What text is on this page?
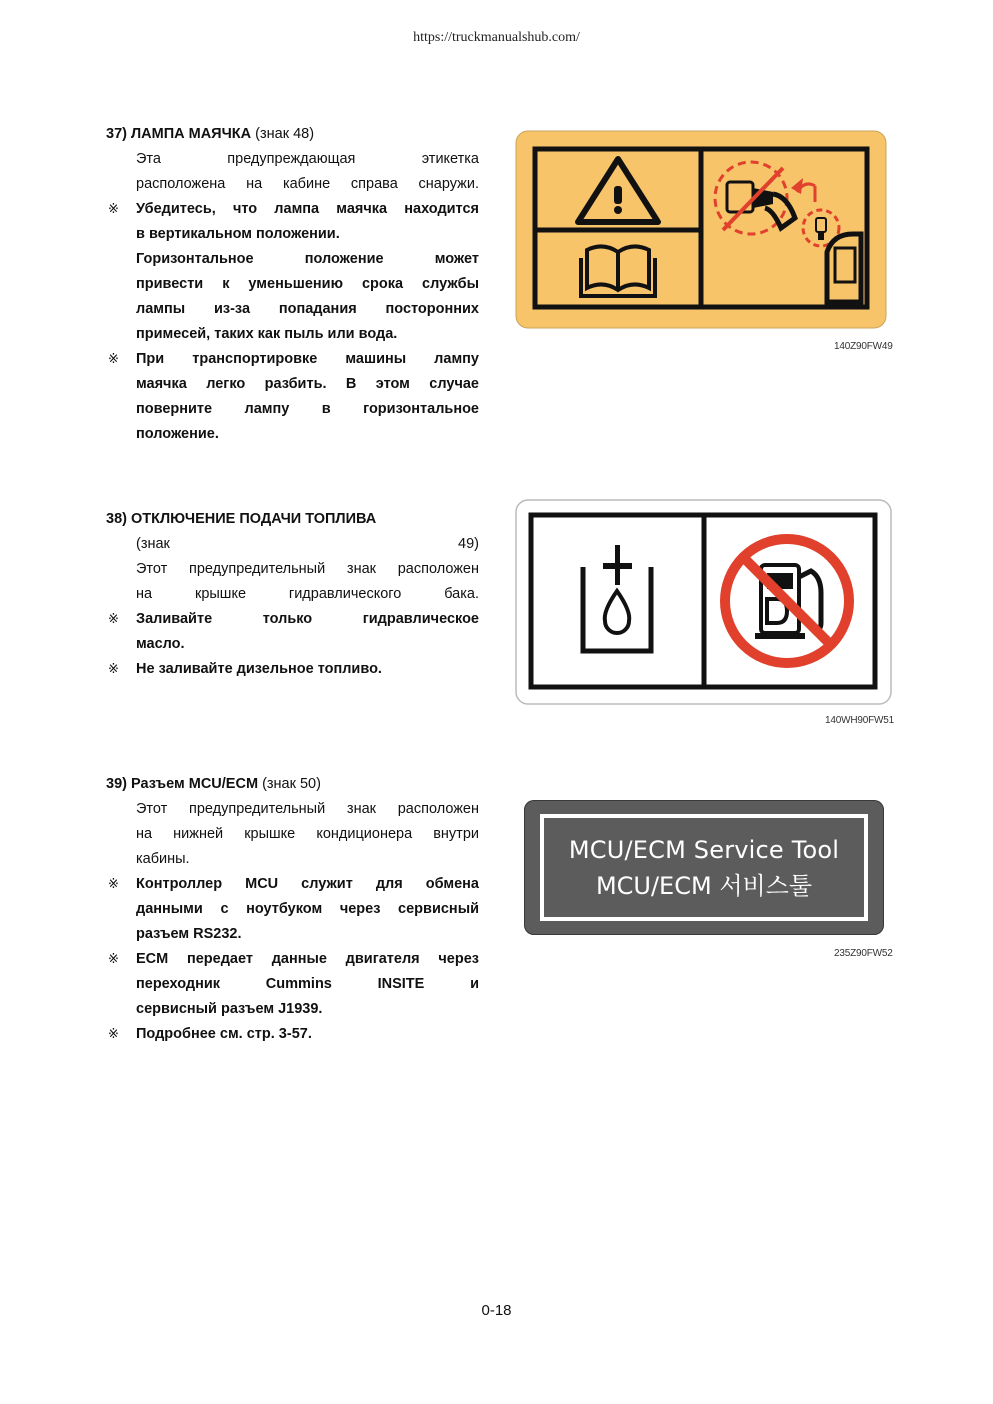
https://truckmanualshub.com/
37) ЛАМПА МАЯЧКА (знак 48)
Эта предупреждающая этикетка
расположена на кабине справа снаружи.
※	Убедитесь, что лампа маячка находится
в вертикальном положении.
Горизонтальное положение может
привести к уменьшению срока службы
лампы из-за попадания посторонних
примесей, таких как пыль или вода.
※	При транспортировке машины лампу
маячка легко разбить. В этом случае
поверните лампу в горизонтальное
положение.
140Z90FW49
38) ОТКЛЮЧЕНИЕ ПОДАЧИ ТОПЛИВА
(знак 49)
Этот предупредительный знак расположен
на крышке гидравлического бака.
※	Заливайте только гидравлическое
масло.
※	Не заливайте дизельное топливо.
140WH90FW51
39) Разъем MCU/ECM (знак 50)
Этот предупредительный знак расположен
на нижней крышке кондиционера внутри
кабины.
※	Контроллер MCU служит для обмена
данными с ноутбуком через сервисный
разъем RS232.
※	ECM передает данные двигателя через
переходник Cummins INSITE и
сервисный разъем J1939.
※	Подробнее см. стр. 3-57.
MCU/ECM Service Tool
MCU/ECM 서비스툴
235Z90FW52
0-18
